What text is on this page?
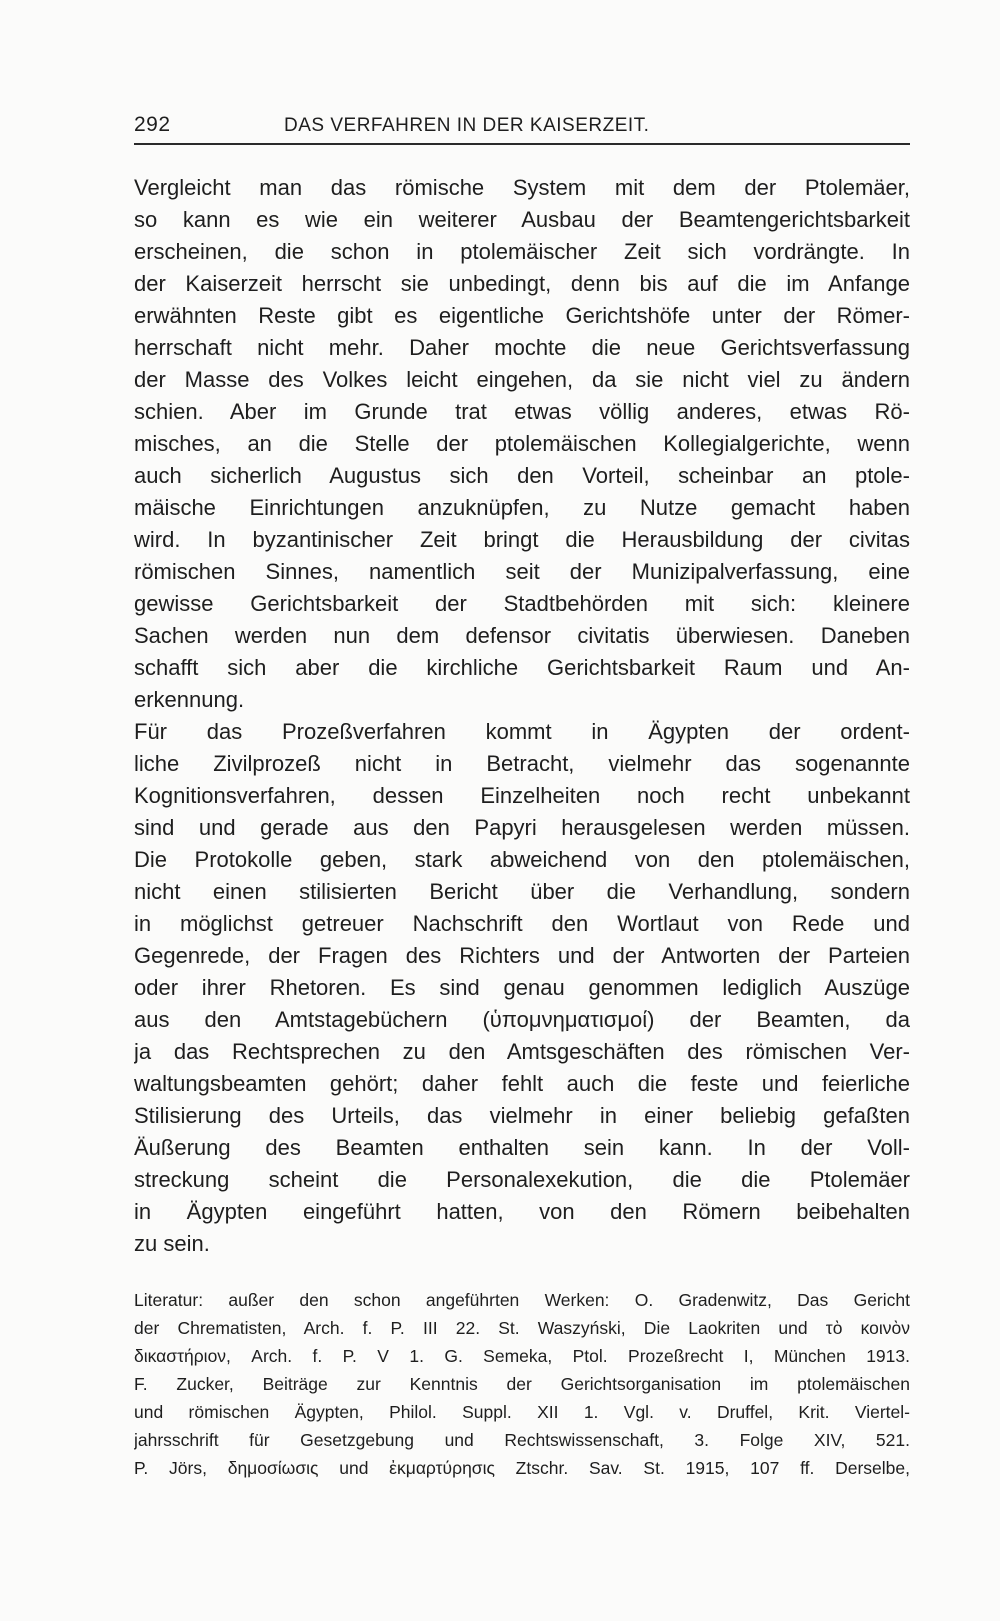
292	DAS VERFAHREN IN DER KAISERZEIT.
Vergleicht man das römische System mit dem der Ptolemäer,
so kann es wie ein weiterer Ausbau der Beamtengerichtsbarkeit
erscheinen, die schon in ptolemäischer Zeit sich vordrängte. In
der Kaiserzeit herrscht sie unbedingt, denn bis auf die im Anfange
erwähnten Reste gibt es eigentliche Gerichtshöfe unter der Römer-
herrschaft nicht mehr. Daher mochte die neue Gerichtsverfassung
der Masse des Volkes leicht eingehen, da sie nicht viel zu ändern
schien. Aber im Grunde trat etwas völlig anderes, etwas Rö-
misches, an die Stelle der ptolemäischen Kollegialgerichte, wenn
auch sicherlich Augustus sich den Vorteil, scheinbar an ptole-
mäische Einrichtungen anzuknüpfen, zu Nutze gemacht haben
wird. In byzantinischer Zeit bringt die Herausbildung der civitas
römischen Sinnes, namentlich seit der Munizipalverfassung, eine
gewisse Gerichtsbarkeit der Stadtbehörden mit sich: kleinere
Sachen werden nun dem defensor civitatis überwiesen. Daneben
schafft sich aber die kirchliche Gerichtsbarkeit Raum und An-
erkennung.
Für das Prozeßverfahren kommt in Ägypten der ordent-
liche Zivilprozeß nicht in Betracht, vielmehr das sogenannte
Kognitionsverfahren, dessen Einzelheiten noch recht unbekannt
sind und gerade aus den Papyri herausgelesen werden müssen.
Die Protokolle geben, stark abweichend von den ptolemäischen,
nicht einen stilisierten Bericht über die Verhandlung, sondern
in möglichst getreuer Nachschrift den Wortlaut von Rede und
Gegenrede, der Fragen des Richters und der Antworten der Parteien
oder ihrer Rhetoren. Es sind genau genommen lediglich Auszüge
aus den Amtstagebüchern (ὑπομνηματισμοί) der Beamten, da
ja das Rechtsprechen zu den Amtsgeschäften des römischen Ver-
waltungsbeamten gehört; daher fehlt auch die feste und feierliche
Stilisierung des Urteils, das vielmehr in einer beliebig gefaßten
Äußerung des Beamten enthalten sein kann. In der Voll-
streckung scheint die Personalexekution, die die Ptolemäer
in Ägypten eingeführt hatten, von den Römern beibehalten
zu sein.
Literatur: außer den schon angeführten Werken: O. Gradenwitz, Das Gericht
der Chrematisten, Arch. f. P. III 22. St. Waszyński, Die Laokriten und τὸ κοινὸν
δικαστήριον, Arch. f. P. V 1. G. Semeka, Ptol. Prozeßrecht I, München 1913.
F. Zucker, Beiträge zur Kenntnis der Gerichtsorganisation im ptolemäischen
und römischen Ägypten, Philol. Suppl. XII 1. Vgl. v. Druffel, Krit. Viertel-
jahrsschrift für Gesetzgebung und Rechtswissenschaft, 3. Folge XIV, 521.
P. Jörs, δημοσίωσις und ἐκμαρτύρησις Ztschr. Sav. St. 1915, 107 ff. Derselbe,
